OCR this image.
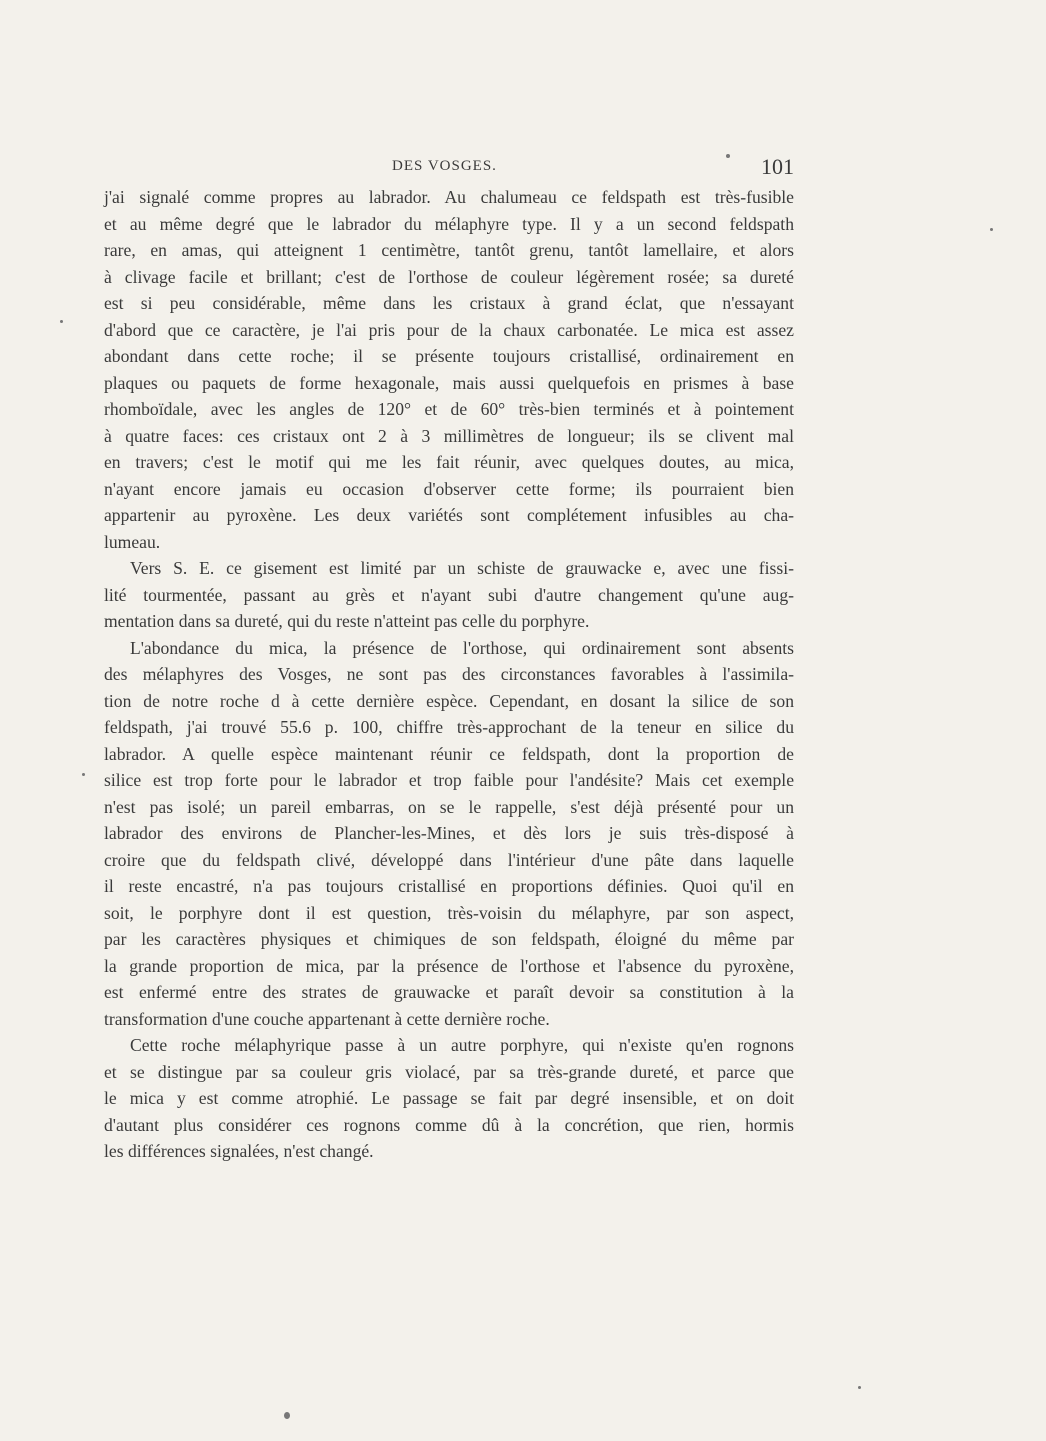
DES VOSGES.	101
j'ai signalé comme propres au labrador. Au chalumeau ce feldspath est très-fusible
et au même degré que le labrador du mélaphyre type. Il y a un second feldspath
rare, en amas, qui atteignent 1 centimètre, tantôt grenu, tantôt lamellaire, et alors
à clivage facile et brillant; c'est de l'orthose de couleur légèrement rosée; sa dureté
est si peu considérable, même dans les cristaux à grand éclat, que n'essayant
d'abord que ce caractère, je l'ai pris pour de la chaux carbonatée. Le mica est assez
abondant dans cette roche; il se présente toujours cristallisé, ordinairement en
plaques ou paquets de forme hexagonale, mais aussi quelquefois en prismes à base
rhomboïdale, avec les angles de 120° et de 60° très-bien terminés et à pointement
à quatre faces: ces cristaux ont 2 à 3 millimètres de longueur; ils se clivent mal
en travers; c'est le motif qui me les fait réunir, avec quelques doutes, au mica,
n'ayant encore jamais eu occasion d'observer cette forme; ils pourraient bien
appartenir au pyroxène. Les deux variétés sont complétement infusibles au cha-
lumeau.
Vers S. E. ce gisement est limité par un schiste de grauwacke e, avec une fissi-
lité tourmentée, passant au grès et n'ayant subi d'autre changement qu'une aug-
mentation dans sa dureté, qui du reste n'atteint pas celle du porphyre.
L'abondance du mica, la présence de l'orthose, qui ordinairement sont absents
des mélaphyres des Vosges, ne sont pas des circonstances favorables à l'assimila-
tion de notre roche d à cette dernière espèce. Cependant, en dosant la silice de son
feldspath, j'ai trouvé 55.6 p. 100, chiffre très-approchant de la teneur en silice du
labrador. A quelle espèce maintenant réunir ce feldspath, dont la proportion de
silice est trop forte pour le labrador et trop faible pour l'andésite? Mais cet exemple
n'est pas isolé; un pareil embarras, on se le rappelle, s'est déjà présenté pour un
labrador des environs de Plancher-les-Mines, et dès lors je suis très-disposé à
croire que du feldspath clivé, développé dans l'intérieur d'une pâte dans laquelle
il reste encastré, n'a pas toujours cristallisé en proportions définies. Quoi qu'il en
soit, le porphyre dont il est question, très-voisin du mélaphyre, par son aspect,
par les caractères physiques et chimiques de son feldspath, éloigné du même par
la grande proportion de mica, par la présence de l'orthose et l'absence du pyroxène,
est enfermé entre des strates de grauwacke et paraît devoir sa constitution à la
transformation d'une couche appartenant à cette dernière roche.
Cette roche mélaphyrique passe à un autre porphyre, qui n'existe qu'en rognons
et se distingue par sa couleur gris violacé, par sa très-grande dureté, et parce que
le mica y est comme atrophié. Le passage se fait par degré insensible, et on doit
d'autant plus considérer ces rognons comme dû à la concrétion, que rien, hormis
les différences signalées, n'est changé.
